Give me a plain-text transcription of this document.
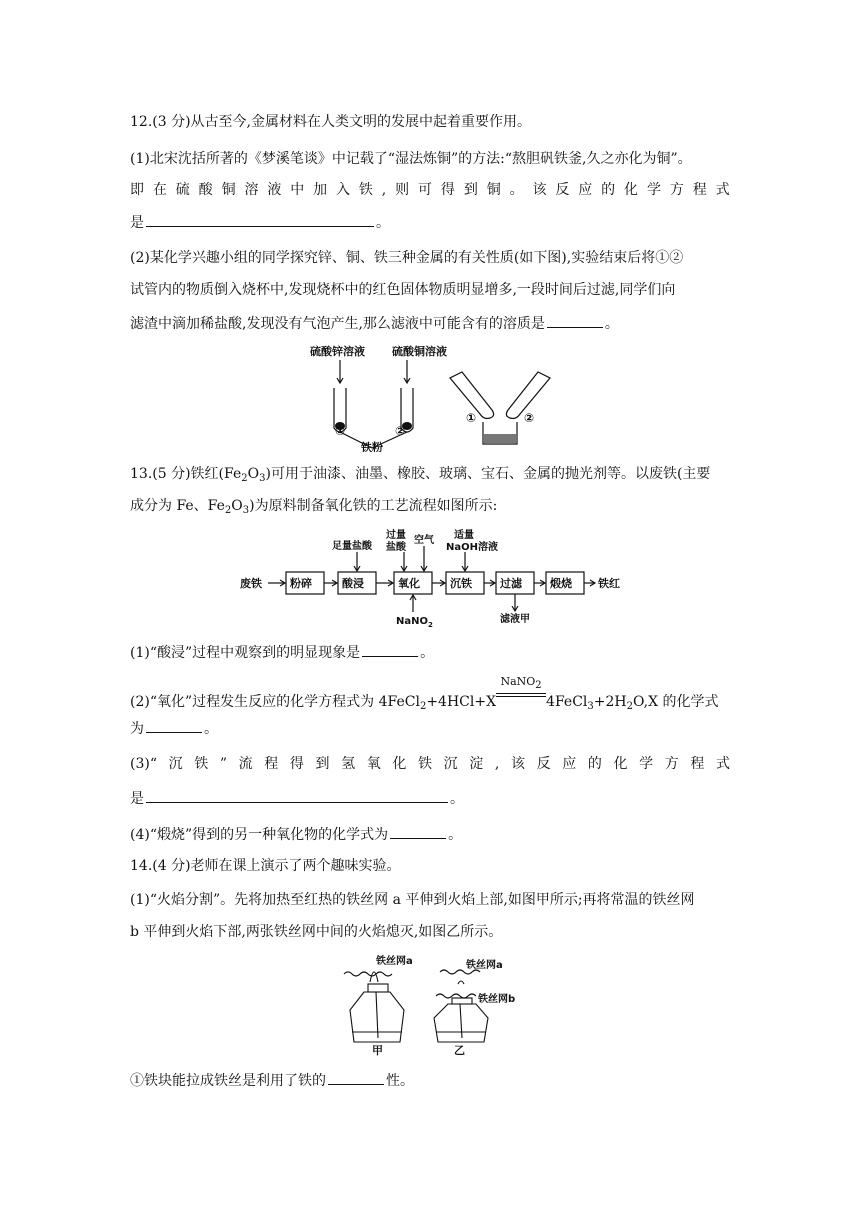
12.(3 分)从古至今,金属材料在人类文明的发展中起着重要作用。
(1)北宋沈括所著的《梦溪笔谈》中记载了“湿法炼铜”的方法:“熬胆矾铁釜,久之亦化为铜”。
即 在 硫 酸 铜 溶 液 中 加 入 铁 , 则 可 得 到 铜 。 该 反 应 的 化 学 方 程 式
是	。
(2)某化学兴趣小组的同学探究锌、铜、铁三种金属的有关性质(如下图),实验结束后将①②
试管内的物质倒入烧杯中,发现烧杯中的红色固体物质明显增多,一段时间后过滤,同学们向
滤渣中滴加稀盐酸,发现没有气泡产生,那么滤液中可能含有的溶质是	。
硫酸锌溶液 硫酸铜溶液
①	②
铁粉
①	②
13.(5 分)铁红$(Fe_2O_3)$可用于油漆、油墨、橡胶、玻璃、宝石、金属的抛光剂等。以废铁(主要
成分为 Fe、$Fe_2O_3$)为原料制备氧化铁的工艺流程如图所示:
废铁	粉碎	酸浸	氧化	沉铁	过滤	煅烧 铁红
足量盐酸
过量
盐酸
空气 适量
NaOH溶液
NaNO$_2$	滤液甲
(1)“酸浸”过程中观察到的明显现象是	。
(2)“氧化”过程发生反应的化学方程式为 4FeCl$_2$+4HCl+X
NaNO$_2$
$4FeCl_3+2H_2O,X$ 的化学式
为	。
(3)“ 沉 铁 ” 流 程 得 到 氢 氧 化 铁 沉 淀 , 该 反 应 的 化 学 方 程 式
是	。
(4)“煅烧”得到的另一种氧化物的化学式为	。
14.(4 分)老师在课上演示了两个趣味实验。
(1)“火焰分割”。先将加热至红热的铁丝网 a 平伸到火焰上部,如图甲所示;再将常温的铁丝网
b 平伸到火焰下部,两张铁丝网中间的火焰熄灭,如图乙所示。
铁丝网a	铁丝网a
铁丝网b
甲	乙
①铁块能拉成铁丝是利用了铁的	性。
